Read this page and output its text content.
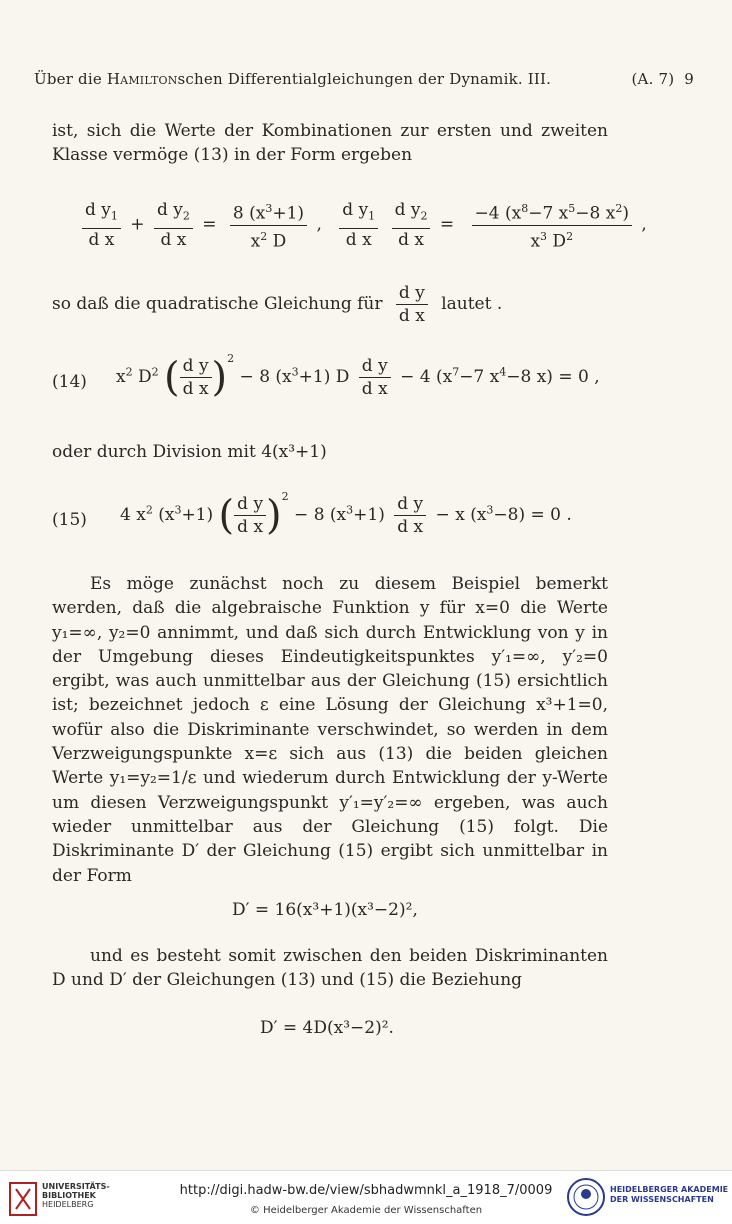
Über die Hamiltonschen Differentialgleichungen der Dynamik. III.	(A. 7) 9
ist, sich die Werte der Kombinationen zur ersten und zweiten Klasse vermöge (13) in der Form ergeben
$\frac{d y_1}{\text{d x}} + \frac{d y_2}{\text{d x}} = \frac{8 (x^3+1)}{x^2 D}$ , $\frac{d y_1}{\text{d x}}$
$\frac{d y_2}{\text{d x}} = \frac{-4 (x^8-7 x^5-8 x^2)}{x^3 D^2}$ ,
so daß die quadratische Gleichung für $\frac{\text{d y}}{\text{d x}}$ lautet .
(14) $x^2$ $D^2$ ( $\frac{\text{d y}}{\text{d x}} )^2 - 8$ $(x^3+1)$ D $\frac{\text{d y}}{\text{d x}} - 4$ ($x^7-7$ $x^4-8$ x) = 0 ,
oder durch Division mit 4(x³+1)
(15) 4 $x^2$ $(x^3+1)$ ( $\frac{\text{d y}}{\text{d x}} )^2 - 8$ $(x^3+1) \frac{\text{d y}}{\text{d x}} - x$ $(x^3-8) = 0$ .
Es möge zunächst noch zu diesem Beispiel bemerkt werden, daß die algebraische Funktion y für x=0 die Werte y₁=∞, y₂=0 annimmt, und daß sich durch Entwicklung von y in der Umgebung dieses Eindeutigkeitspunktes y′₁=∞, y′₂=0 ergibt, was auch unmittelbar aus der Gleichung (15) ersichtlich ist; bezeichnet jedoch ε eine Lösung der Gleichung x³+1=0, wofür also die Diskriminante verschwindet, so werden in dem Verzweigungspunkte x=ε sich aus (13) die beiden gleichen Werte y₁=y₂=1/ε und wiederum durch Entwicklung der y-Werte um diesen Verzweigungspunkt y′₁=y′₂=∞ ergeben, was auch wieder unmittelbar aus der Gleichung (15) folgt. Die Diskriminante D′ der Gleichung (15) ergibt sich unmittelbar in der Form
D′ = 16(x³+1)(x³−2)²,
und es besteht somit zwischen den beiden Diskriminanten D und D′ der Gleichungen (13) und (15) die Beziehung
D′ = 4D(x³−2)².
UNIVERSITÄTS-
BIBLIOTHEK
HEIDELBERG
http://digi.hadw-bw.de/view/sbhadwmnkl_a_1918_7/0009
© Heidelberger Akademie der Wissenschaften
HEIDELBERGER AKADEMIE
DER WISSENSCHAFTEN
